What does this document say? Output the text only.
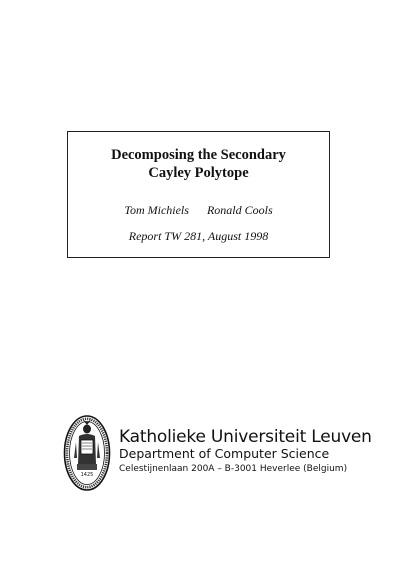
Decomposing the Secondary
Cayley Polytope
Tom Michiels Ronald Cools
Report TW 281, August 1998
1425
Katholieke Universiteit Leuven
Department of Computer Science
Celestijnenlaan 200A – B-3001 Heverlee (Belgium)
